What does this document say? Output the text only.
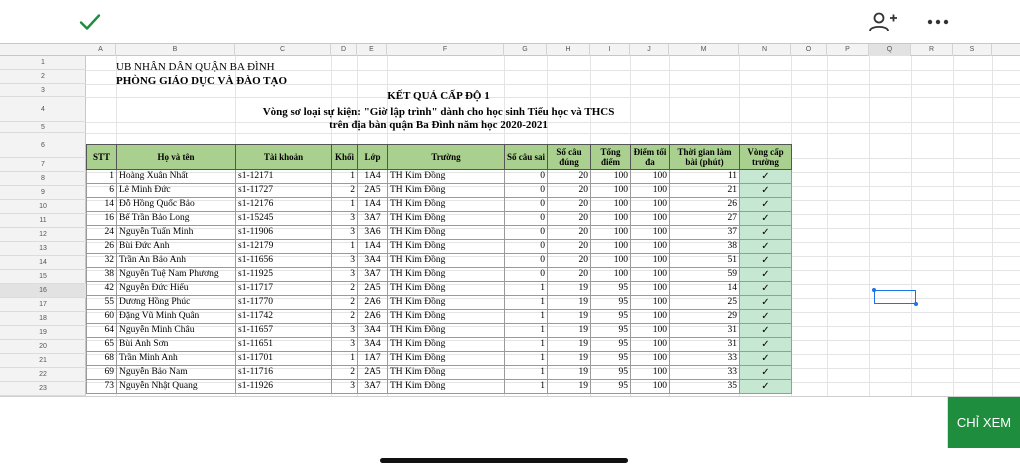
A	B	C	D	E	F	G	H	I	J	M	N	O	P	Q	R	S
1
2
3
4
5
6
7
8
9
10
11
12
13
14
15
16
17
18
19
20
21
22
23
UB NHÂN DÂN QUẬN BA ĐÌNH
PHÒNG GIÁO DỤC VÀ ĐÀO TẠO
KẾT QUẢ CẤP ĐỘ 1
Vòng sơ loại sự kiện: "Giờ lập trình" dành cho học sinh Tiểu học và THCS
trên địa bàn quận Ba Đình năm học 2020-2021
STT	Họ và tên	Tài khoản	Khối	Lớp	Trường	Số câu sai	Số câu đúng	Tổng điểm	Điểm tối đa	Thời gian làm bài (phút)	Vòng cấp trường
1	Hoàng Xuân Nhất	s1-12171	1	1A4	TH Kim Đồng	0	20	100	100	11	✓
6	Lê Minh Đức	s1-11727	2	2A5	TH Kim Đồng	0	20	100	100	21	✓
14	Đỗ Hồng Quốc Bảo	s1-12176	1	1A4	TH Kim Đồng	0	20	100	100	26	✓
16	Bế Trần Bảo Long	s1-15245	3	3A7	TH Kim Đồng	0	20	100	100	27	✓
24	Nguyễn Tuấn Minh	s1-11906	3	3A6	TH Kim Đồng	0	20	100	100	37	✓
26	Bùi Đức Anh	s1-12179	1	1A4	TH Kim Đồng	0	20	100	100	38	✓
32	Trần An Bảo Anh	s1-11656	3	3A4	TH Kim Đồng	0	20	100	100	51	✓
38	Nguyễn Tuệ Nam Phương	s1-11925	3	3A7	TH Kim Đồng	0	20	100	100	59	✓
42	Nguyễn Đức Hiếu	s1-11717	2	2A5	TH Kim Đồng	1	19	95	100	14	✓
55	Dương Hồng Phúc	s1-11770	2	2A6	TH Kim Đồng	1	19	95	100	25	✓
60	Đặng Vũ Minh Quân	s1-11742	2	2A6	TH Kim Đồng	1	19	95	100	29	✓
64	Nguyễn Minh Châu	s1-11657	3	3A4	TH Kim Đồng	1	19	95	100	31	✓
65	Bùi Anh Sơn	s1-11651	3	3A4	TH Kim Đồng	1	19	95	100	31	✓
68	Trần Minh Anh	s1-11701	1	1A7	TH Kim Đồng	1	19	95	100	33	✓
69	Nguyễn Bảo Nam	s1-11716	2	2A5	TH Kim Đồng	1	19	95	100	33	✓
73	Nguyễn Nhật Quang	s1-11926	3	3A7	TH Kim Đồng	1	19	95	100	35	✓
CHỈ XEM
